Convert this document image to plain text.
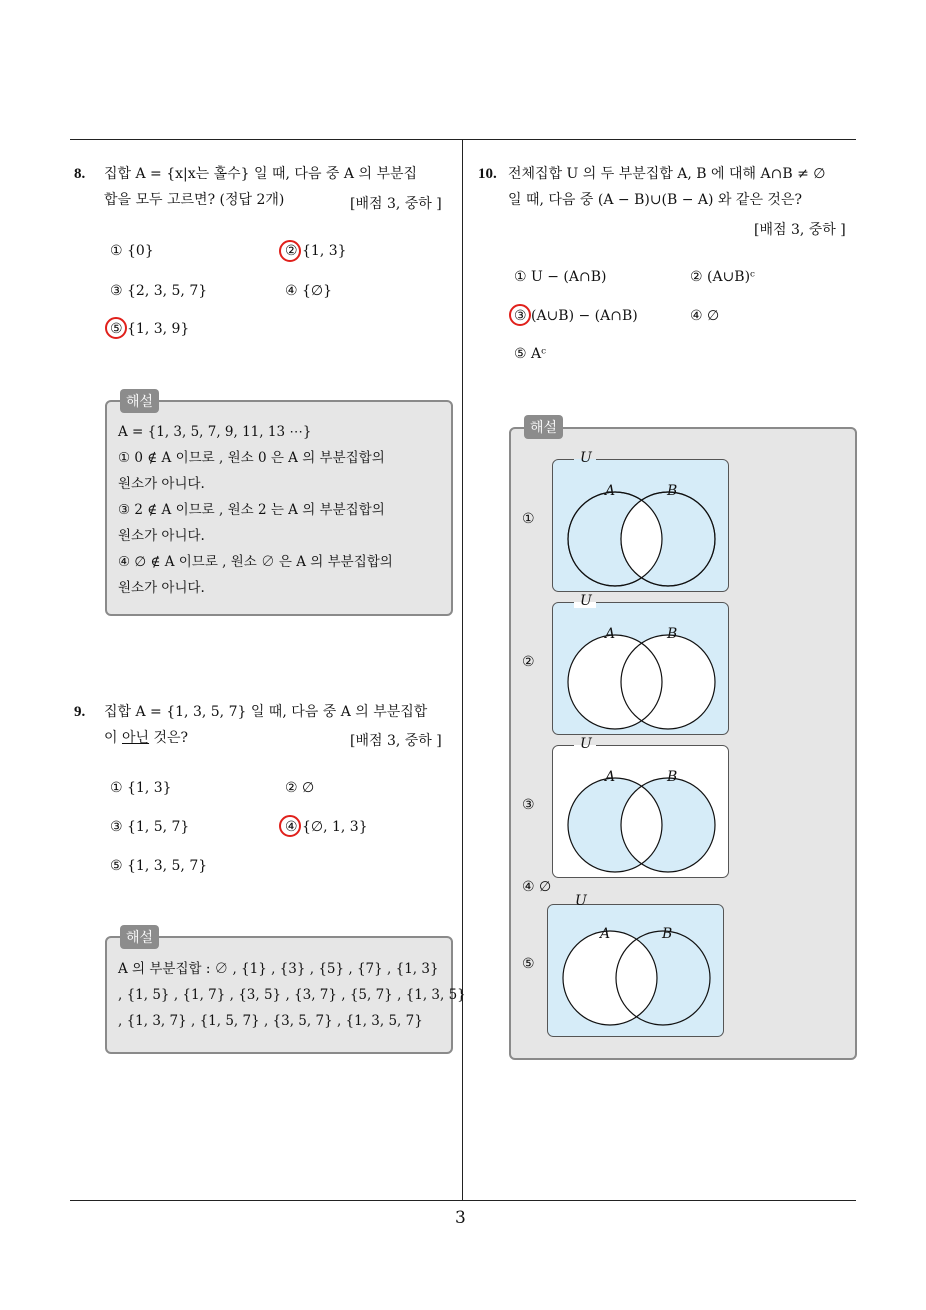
8. 집합 A = {x|x는 홀수} 일 때, 다음 중 A 의 부분집
합을 모두 고르면? (정답 2개)	[배점 3, 중하 ]
① {0}	② {1, 3}
③ {2, 3, 5, 7}	④ {∅}
⑤ {1, 3, 9}
해설
A = {1, 3, 5, 7, 9, 11, 13 ⋯}
① 0 ∉ A 이므로 , 원소 0 은 A 의 부분집합의
원소가 아니다.
③ 2 ∉ A 이므로 , 원소 2 는 A 의 부분집합의
원소가 아니다.
④ ∅ ∉ A 이므로 , 원소 ∅ 은 A 의 부분집합의
원소가 아니다.
9. 집합 A = {1, 3, 5, 7} 일 때, 다음 중 A 의 부분집합
이 아닌 것은?	[배점 3, 중하 ]
① {1, 3}	② ∅
③ {1, 5, 7}	④ {∅, 1, 3}
⑤ {1, 3, 5, 7}
해설
A 의 부분집합 : ∅ , {1} , {3} , {5} , {7} , {1, 3}
, {1, 5} , {1, 7} , {3, 5} , {3, 7} , {5, 7} , {1, 3, 5}
, {1, 3, 7} , {1, 5, 7} , {3, 5, 7} , {1, 3, 5, 7}
10. 전체집합 U 의 두 부분집합 A, B 에 대해 A∩B ≠ ∅
일 때, 다음 중 (A − B)∪(B − A) 와 같은 것은?
[배점 3, 중하 ]
① U − (A∩B)	② (A∪B)ᶜ
③ (A∪B) − (A∩B)	④ ∅
⑤ Aᶜ
해설
①
U
A	B
②
U
A	B
③
U
A	B
④ ∅
⑤
U
A	B
3
